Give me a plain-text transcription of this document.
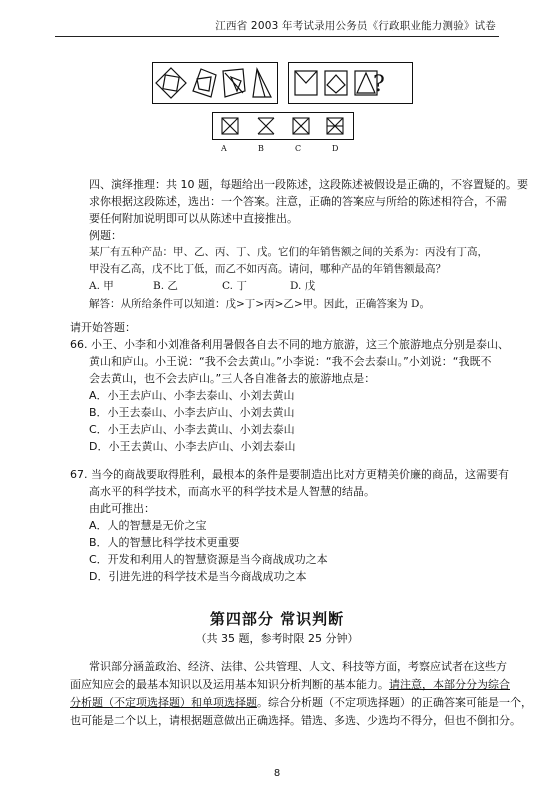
江西省 2003 年考试录用公务员《行政职业能力测验》试卷
?
A	B	C	D
四、演绎推理：共 10 题，每题给出一段陈述，这段陈述被假设是正确的，不容置疑的。要
求你根据这段陈述，选出：一个答案。注意，正确的答案应与所给的陈述相符合，不需
要任何附加说明即可以从陈述中直接推出。
例题：
某厂有五种产品：甲、乙、丙、丁、戊。它们的年销售额之间的关系为：丙没有丁高，
甲没有乙高，戊不比丁低，而乙不如丙高。请问，哪种产品的年销售额最高？
A. 甲	B. 乙	C. 丁	D. 戊
解答：从所给条件可以知道：戊>丁>丙>乙>甲。因此，正确答案为 D。
请开始答题：
66. 小王、小李和小刘准备利用暑假各自去不同的地方旅游，这三个旅游地点分别是泰山、
黄山和庐山。小王说：“我不会去黄山。”小李说：“我不会去泰山。”小刘说：“我既不
会去黄山，也不会去庐山。”三人各自准备去的旅游地点是：
A．小王去庐山、小李去泰山、小刘去黄山
B．小王去泰山、小李去庐山、小刘去黄山
C．小王去庐山、小李去黄山、小刘去泰山
D．小王去黄山、小李去庐山、小刘去泰山
67. 当今的商战要取得胜利，最根本的条件是要制造出比对方更精美价廉的商品，这需要有
高水平的科学技术，而高水平的科学技术是人智慧的结晶。
由此可推出：
A．人的智慧是无价之宝
B．人的智慧比科学技术更重要
C．开发和利用人的智慧资源是当今商战成功之本
D．引进先进的科学技术是当今商战成功之本
第四部分 常识判断
（共 35 题，参考时限 25 分钟）
常识部分涵盖政治、经济、法律、公共管理、人文、科技等方面，考察应试者在这些方
面应知应会的最基本知识以及运用基本知识分析判断的基本能力。请注意，本部分分为综合
分析题（不定项选择题）和单项选择题。综合分析题（不定项选择题）的正确答案可能是一个，
也可能是二个以上，请根据题意做出正确选择。错选、多选、少选均不得分，但也不倒扣分。
8
